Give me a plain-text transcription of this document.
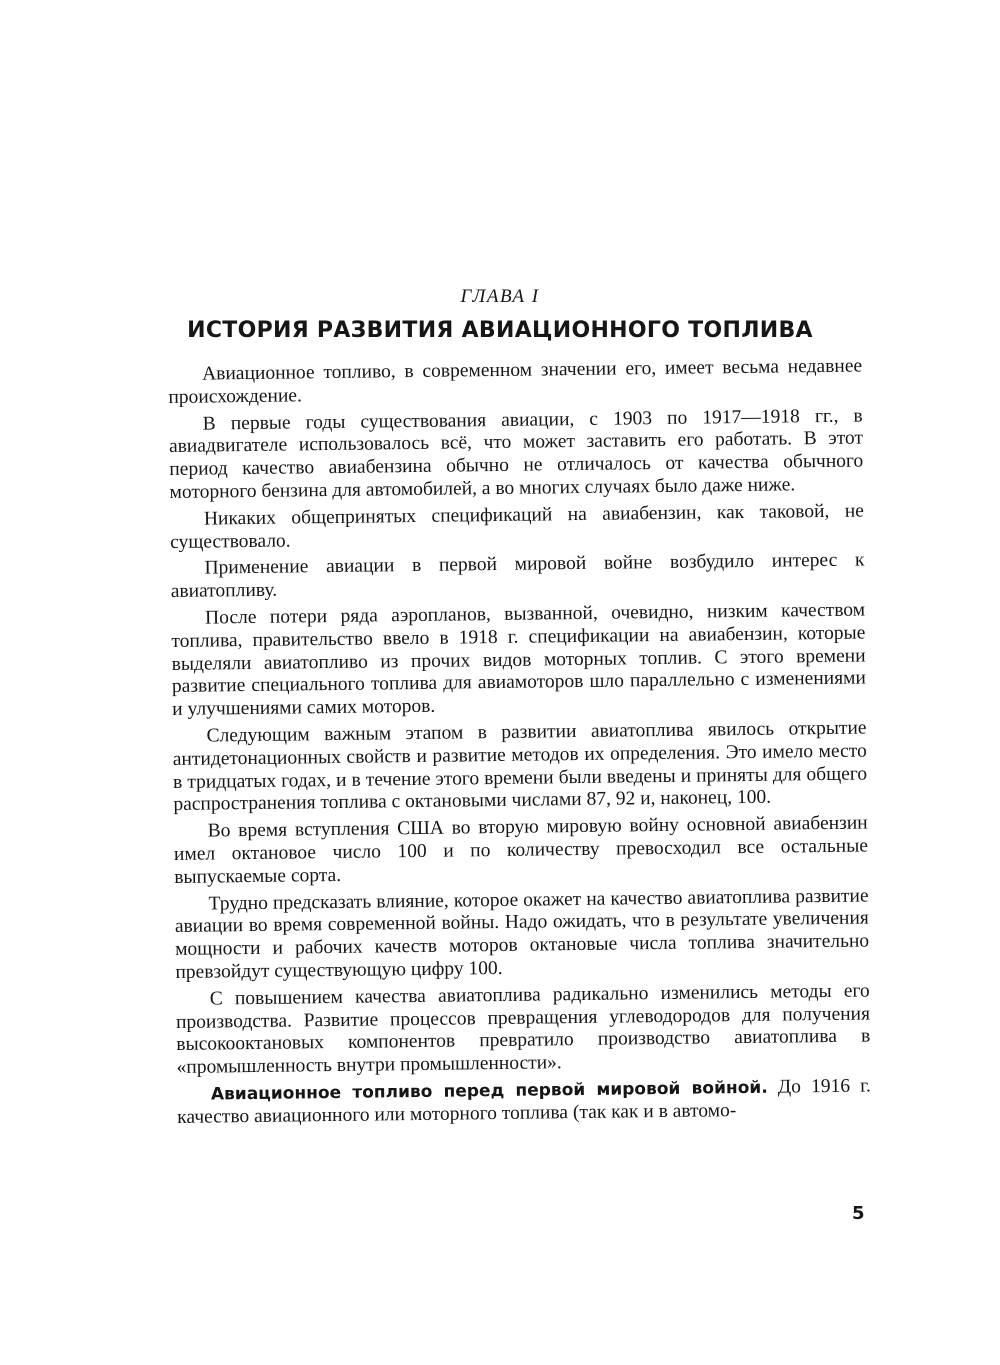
ГЛАВА I
ИСТОРИЯ РАЗВИТИЯ АВИАЦИОННОГО ТОПЛИВА

Авиационное топливо, в современном значении его, имеет весьма недавнее происхождение.

В первые годы существования авиации, с 1903 по 1917—1918 гг., в авиадвигателе использовалось всё, что может заставить его работать. В этот период качество авиабензина обычно не отличалось от качества обычного моторного бензина для автомобилей, а во многих случаях было даже ниже.

Никаких общепринятых спецификаций на авиабензин, как таковой, не существовало.

Применение авиации в первой мировой войне возбудило интерес к авиатопливу.

После потери ряда аэропланов, вызванной, очевидно, низким качеством топлива, правительство ввело в 1918 г. спецификации на авиабензин, которые выделяли авиатопливо из прочих видов моторных топлив. С этого времени развитие специального топлива для авиамоторов шло параллельно с изменениями и улучшениями самих моторов.

Следующим важным этапом в развитии авиатоплива явилось открытие антидетонационных свойств и развитие методов их определения. Это имело место в тридцатых годах, и в течение этого времени были введены и приняты для общего распространения топлива с октановыми числами 87, 92 и, наконец, 100.

Во время вступления США во вторую мировую войну основной авиабензин имел октановое число 100 и по количеству превосходил все остальные выпускаемые сорта.

Трудно предсказать влияние, которое окажет на качество авиатоплива развитие авиации во время современной войны. Надо ожидать, что в результате увеличения мощности и рабочих качеств моторов октановые числа топлива значительно превзойдут существующую цифру 100.

С повышением качества авиатоплива радикально изменились методы его производства. Развитие процессов превращения углеводородов для получения высокооктановых компонентов превратило производство авиатоплива в «промышленность внутри промышленности».

Авиационное топливо перед первой мировой войной. До 1916 г. качество авиационного или моторного топлива (так как и в автомо-

5
